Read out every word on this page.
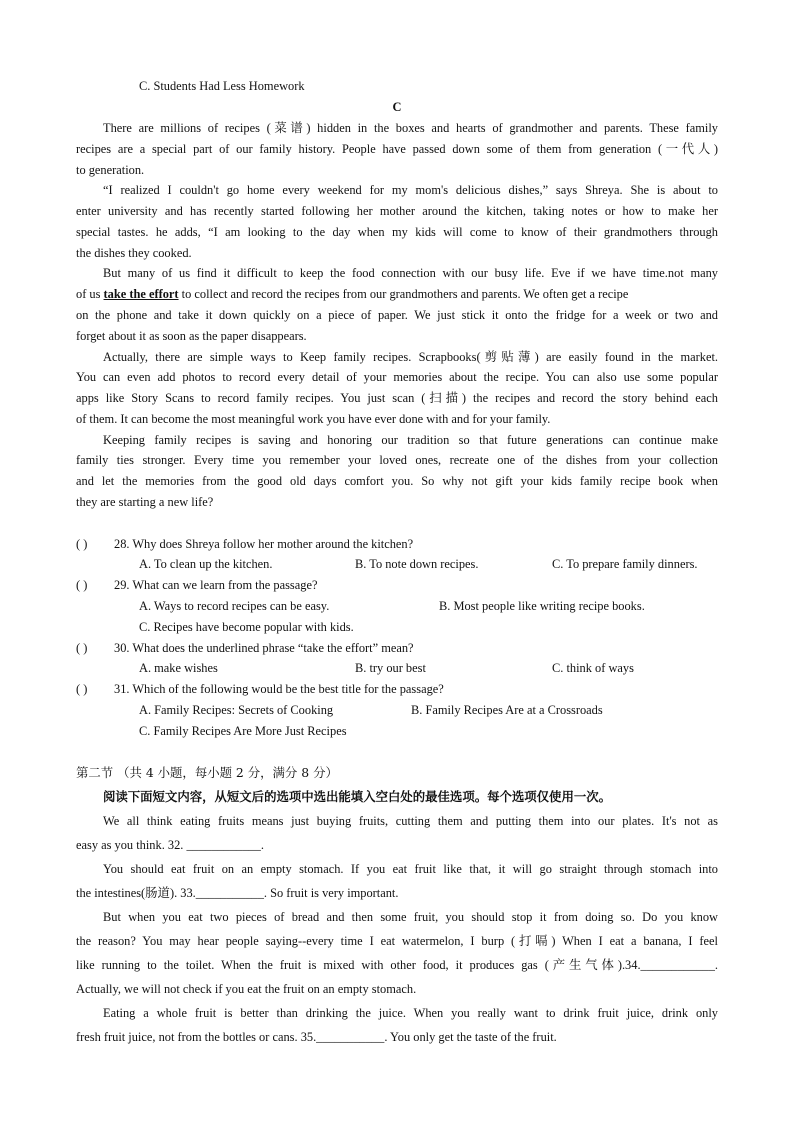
C. Students Had Less Homework
C
There are millions of recipes (菜谱) hidden in the boxes and hearts of grandmother and parents. These family
recipes are a special part of our family history. People have passed down some of them from generation (一代人)
to generation.
“I realized I couldn't go home every weekend for my mom's delicious dishes,” says Shreya. She is about to
enter university and has recently started following her mother around the kitchen, taking notes or how to make her
special tastes. he adds, “I am looking to the day when my kids will come to know of their grandmothers through
the dishes they cooked.
But many of us find it difficult to keep the food connection with our busy life. Eve if we have time.not many
of us take the effort to collect and record the recipes from our grandmothers and parents. We often get a recipe
on the phone and take it down quickly on a piece of paper. We just stick it onto the fridge for a week or two and
forget about it as soon as the paper disappears.
Actually, there are simple ways to Keep family recipes. Scrapbooks(剪贴薄) are easily found in the market.
You can even add photos to record every detail of your memories about the recipe. You can also use some popular
apps like Story Scans to record family recipes. You just scan (扫描) the recipes and record the story behind each
of them. It can become the most meaningful work you have ever done with and for your family.
Keeping family recipes is saving and honoring our tradition so that future generations can continue make
family ties stronger. Every time you remember your loved ones, recreate one of the dishes from your collection
and let the memories from the good old days comfort you. So why not gift your kids family recipe book when
they are starting a new life?
( ) 28. Why does Shreya follow her mother around the kitchen?
A. To clean up the kitchen.	B. To note down recipes.	C. To prepare family dinners.
( ) 29. What can we learn from the passage?
A. Ways to record recipes can be easy.	B. Most people like writing recipe books.
C. Recipes have become popular with kids.
( ) 30. What does the underlined phrase “take the effort” mean?
A. make wishes	B. try our best	C. think of ways
( ) 31. Which of the following would be the best title for the passage?
A. Family Recipes: Secrets of Cooking	B. Family Recipes Are at a Crossroads
C. Family Recipes Are More Just Recipes
第二节 （共 4 小题，每小题 2 分，满分 8 分）
阅读下面短文内容，从短文后的选项中选出能填入空白处的最佳选项。每个选项仅使用一次。
We all think eating fruits means just buying fruits, cutting them and putting them into our plates. It's not as
easy as you think. 32. ____________.
You should eat fruit on an empty stomach. If you eat fruit like that, it will go straight through stomach into
the intestines(肠道). 33.___________. So fruit is very important.
But when you eat two pieces of bread and then some fruit, you should stop it from doing so. Do you know
the reason? You may hear people saying--every time I eat watermelon, I burp (打嗝) When I eat a banana, I feel
like running to the toilet. When the fruit is mixed with other food, it produces gas (产生气体).34.____________.
Actually, we will not check if you eat the fruit on an empty stomach.
Eating a whole fruit is better than drinking the juice. When you really want to drink fruit juice, drink only
fresh fruit juice, not from the bottles or cans. 35.___________. You only get the taste of the fruit.
